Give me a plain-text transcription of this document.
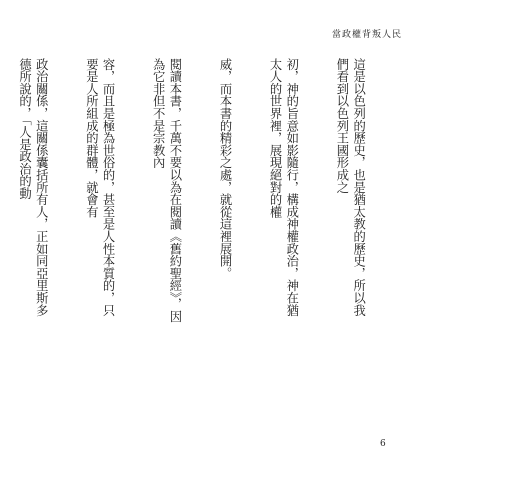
當政權背叛人民

這是以色列的歷史，也是猶太教的歷史，所以我們看到以色列王國形成之

初，神的旨意如影隨行，構成神權政治，神在猶太人的世界裡，展現絕對的權

威，而本書的精彩之處，就從這裡展開。

閱讀本書，千萬不要以為在閱讀《舊約聖經》，因為它非但不是宗教內

容，而且是極為世俗的，甚至是人性本質的，只要是人所組成的群體，就會有

政治關係，這關係囊括所有人，正如同亞里斯多德所說的，「人是政治的動

6
